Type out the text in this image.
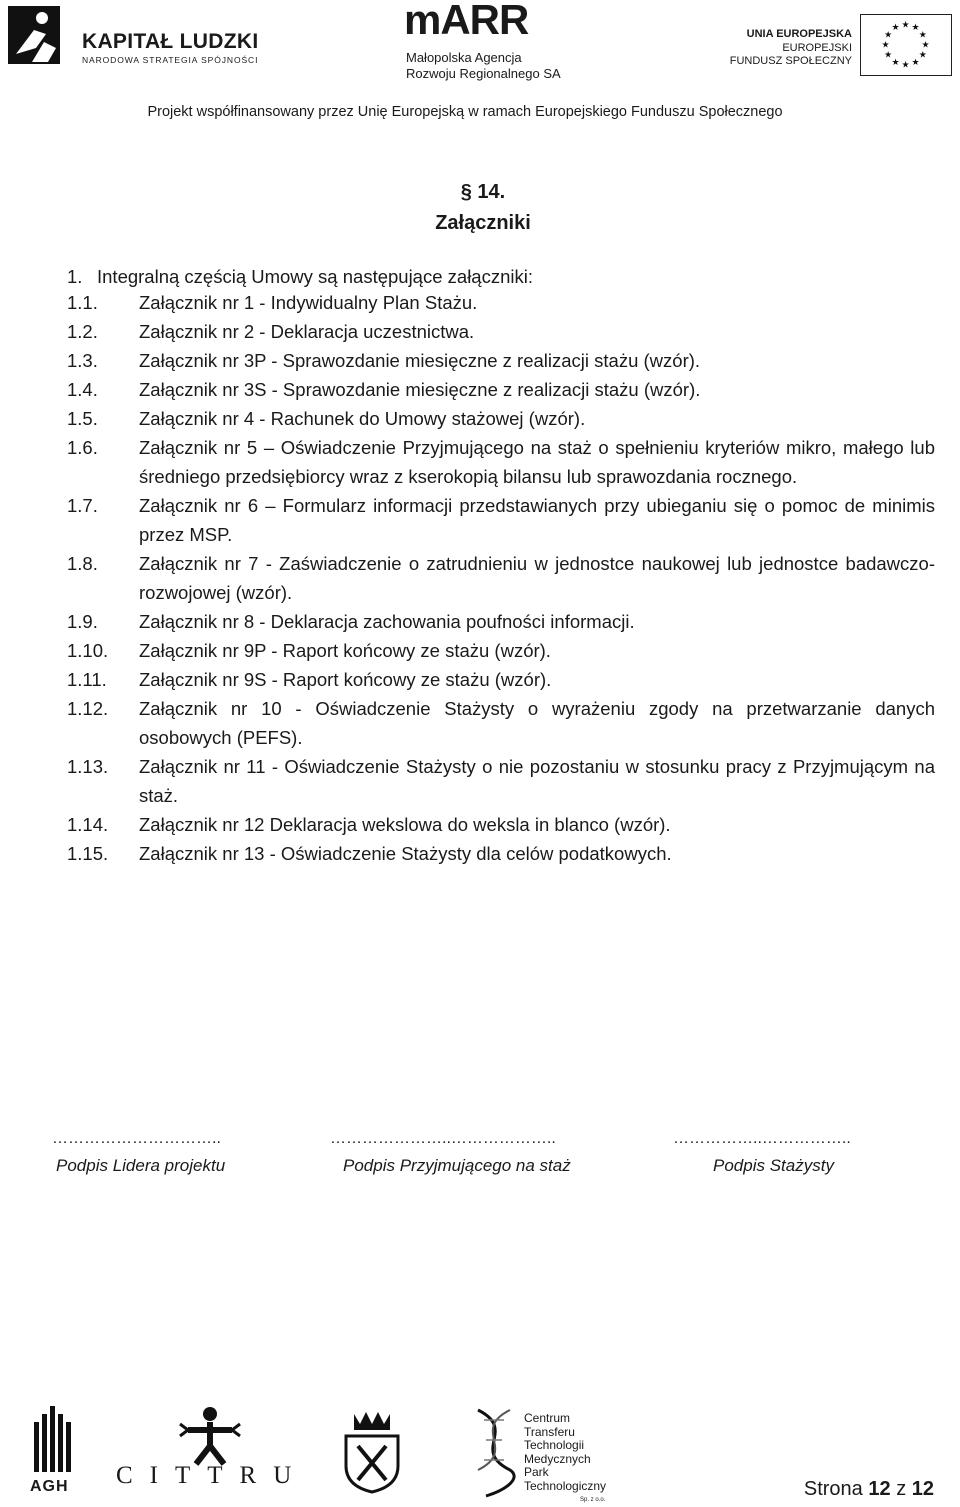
KAPITAŁ LUDZKI
NARODOWA STRATEGIA SPÓJNOŚCI
mARR
Małopolska Agencja
Rozwoju Regionalnego SA
UNIA EUROPEJSKA
EUROPEJSKI
FUNDUSZ SPOŁECZNY
★
★
★
★
★
★
★
★
★ ★ ★
★
Projekt współfinansowany przez Unię Europejską w ramach Europejskiego Funduszu Społecznego
§ 14.
Załączniki
1. Integralną częścią Umowy są następujące załączniki:
1.1.	Załącznik nr 1 - Indywidualny Plan Stażu.
1.2.	Załącznik nr 2 - Deklaracja uczestnictwa.
1.3.	Załącznik nr 3P - Sprawozdanie miesięczne z realizacji stażu (wzór).
1.4.	Załącznik nr 3S - Sprawozdanie miesięczne z realizacji stażu (wzór).
1.5.	Załącznik nr 4 - Rachunek do Umowy stażowej (wzór).
1.6.	Załącznik nr 5 – Oświadczenie Przyjmującego na staż o spełnieniu kryteriów mikro, małego lub średniego przedsiębiorcy wraz z kserokopią bilansu lub sprawozdania rocznego.
1.7.	Załącznik nr 6 – Formularz informacji przedstawianych przy ubieganiu się o pomoc de minimis przez MSP.
1.8.	Załącznik nr 7 - Zaświadczenie o zatrudnieniu w jednostce naukowej lub jednostce badawczo-rozwojowej (wzór).
1.9.	Załącznik nr 8 - Deklaracja zachowania poufności informacji.
1.10.	Załącznik nr 9P - Raport końcowy ze stażu (wzór).
1.11.	Załącznik nr 9S - Raport końcowy ze stażu (wzór).
1.12.	Załącznik nr 10 - Oświadczenie Stażysty o wyrażeniu zgody na przetwarzanie danych osobowych (PEFS).
1.13.	Załącznik nr 11 - Oświadczenie Stażysty o nie pozostaniu w stosunku pracy z Przyjmującym na staż.
1.14.	Załącznik nr 12 Deklaracja wekslowa do weksla in blanco (wzór).
1.15.	Załącznik nr 13 - Oświadczenie Stażysty dla celów podatkowych.
…………………………..
Podpis Lidera projektu
…………………..………………..
Podpis Przyjmującego na staż
……………..……………..
Podpis Stażysty
AGH CITTRU
Centrum
Transferu
Technologii
Medycznych
Park
Technologiczny
Sp. z o.o.	Strona 12 z 12
